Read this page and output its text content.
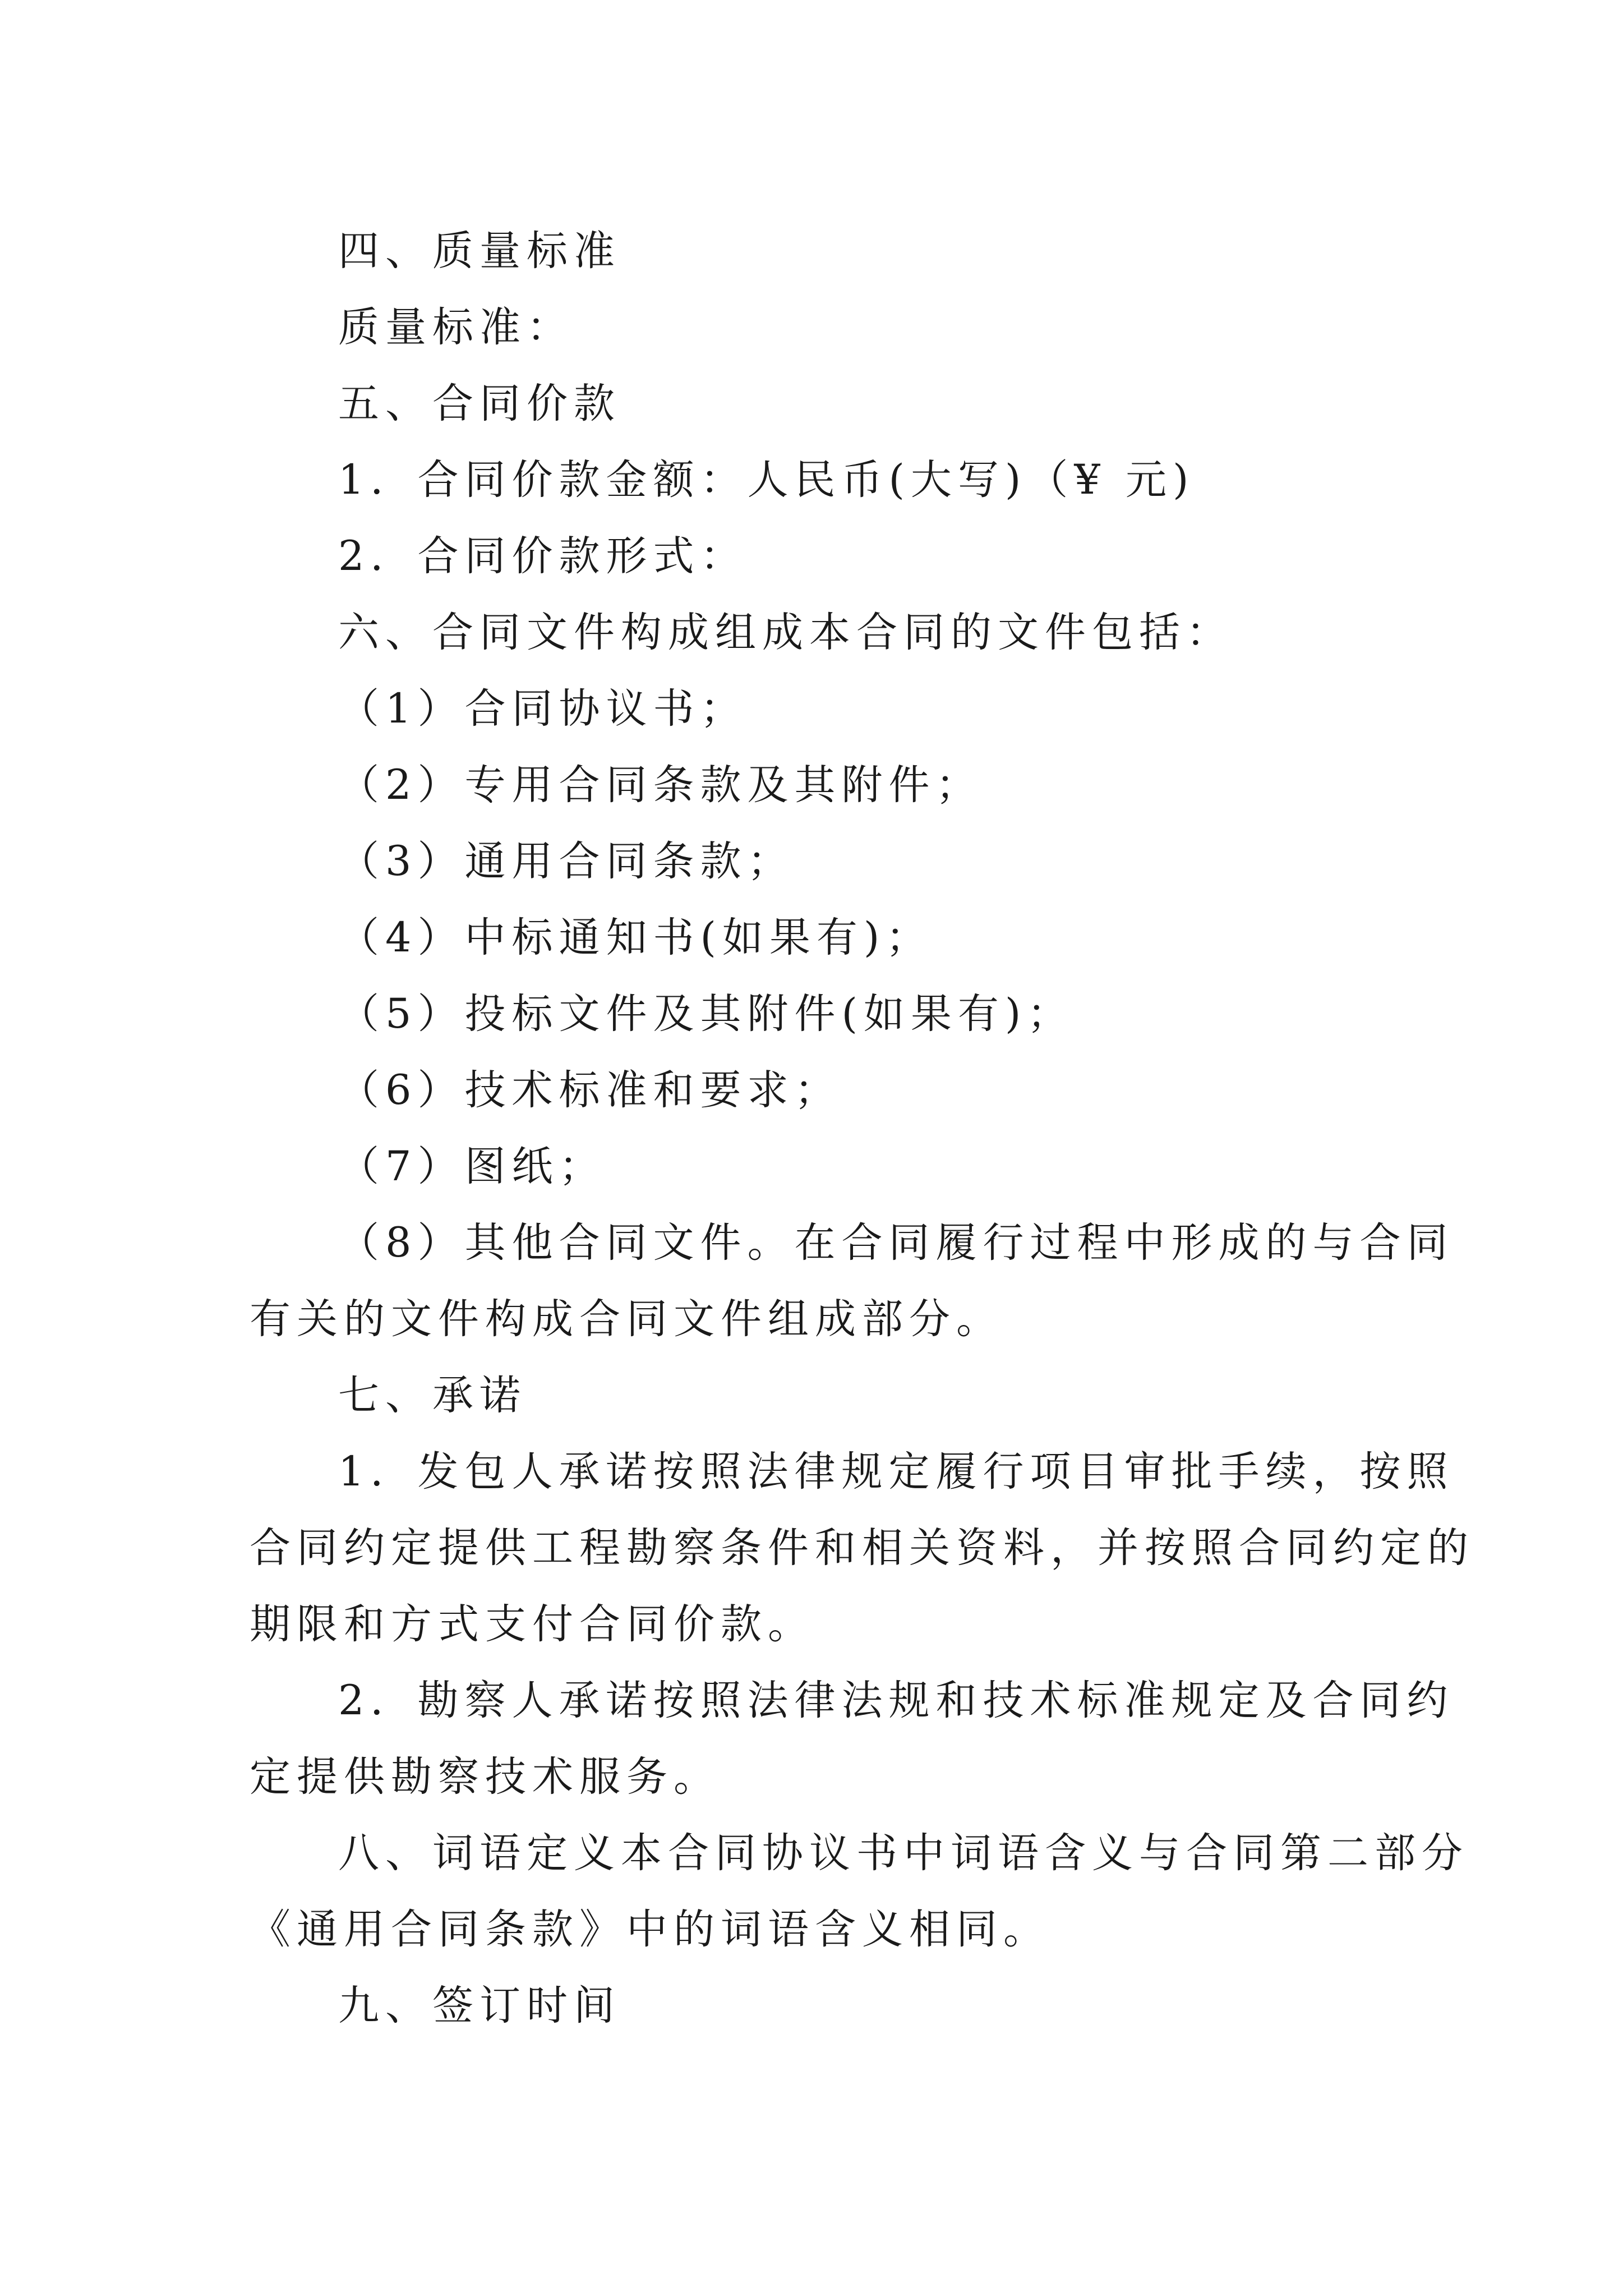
四、质量标准
质量标准：
五、合同价款
1．合同价款金额：人民币(大写)（¥ 元)
2．合同价款形式：
六、合同文件构成组成本合同的文件包括：
（1）合同协议书；
（2）专用合同条款及其附件；
（3）通用合同条款；
（4）中标通知书(如果有)；
（5）投标文件及其附件(如果有)；
（6）技术标准和要求；
（7）图纸；
（8）其他合同文件。在合同履行过程中形成的与合同
有关的文件构成合同文件组成部分。
七、承诺
1．发包人承诺按照法律规定履行项目审批手续，按照
合同约定提供工程勘察条件和相关资料，并按照合同约定的
期限和方式支付合同价款。
2．勘察人承诺按照法律法规和技术标准规定及合同约
定提供勘察技术服务。
八、词语定义本合同协议书中词语含义与合同第二部分
《通用合同条款》中的词语含义相同。
九、签订时间
